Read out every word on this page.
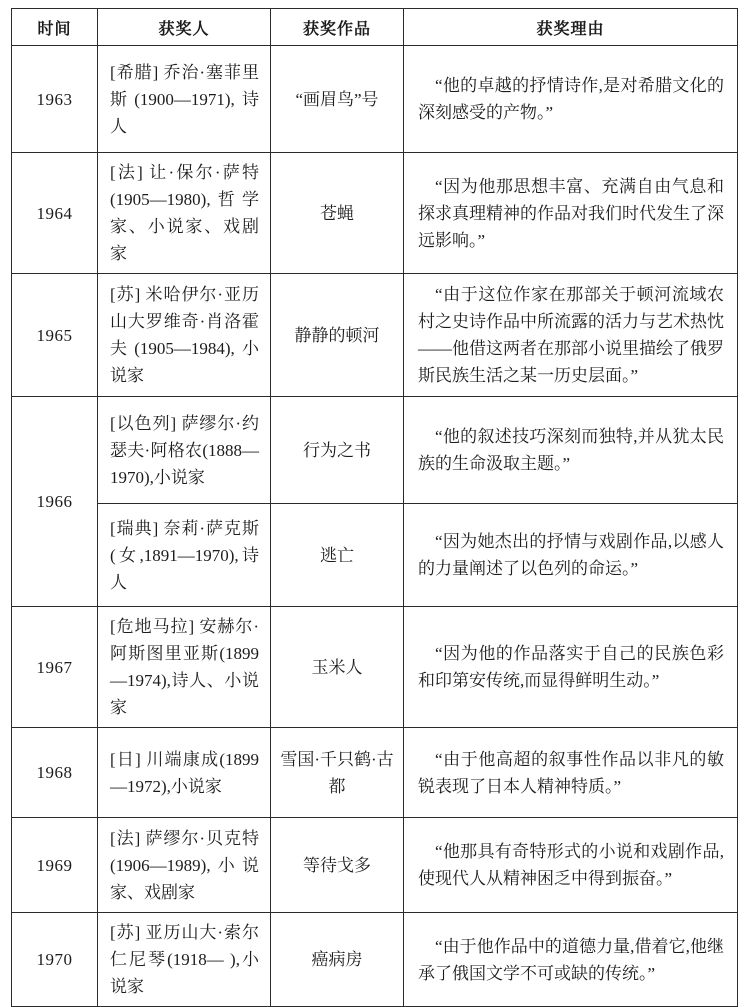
时间	获奖人	获奖作品	获奖理由
1963	[希腊] 乔治·塞菲里斯(1900—1971),诗人	“画眉鸟”号	“他的卓越的抒情诗作,是对希腊文化的深刻感受的产物。”
1964	[法] 让·保尔·萨特(1905—1980),哲学家、小说家、戏剧家	苍蝇	“因为他那思想丰富、充满自由气息和探求真理精神的作品对我们时代发生了深远影响。”
1965	[苏] 米哈伊尔·亚历山大罗维奇·肖洛霍夫(1905—1984),小说家	静静的顿河	“由于这位作家在那部关于顿河流域农村之史诗作品中所流露的活力与艺术热忱——他借这两者在那部小说里描绘了俄罗斯民族生活之某一历史层面。”
1966	[以色列] 萨缪尔·约瑟夫·阿格农(1888—1970),小说家	行为之书	“他的叙述技巧深刻而独特,并从犹太民族的生命汲取主题。”
	[瑞典] 奈莉·萨克斯(女,1891—1970),诗人	逃亡	“因为她杰出的抒情与戏剧作品,以感人的力量阐述了以色列的命运。”
1967	[危地马拉] 安赫尔·阿斯图里亚斯(1899—1974),诗人、小说家	玉米人	“因为他的作品落实于自己的民族色彩和印第安传统,而显得鲜明生动。”
1968	[日] 川端康成(1899—1972),小说家	雪国·千只鹤·古都	“由于他高超的叙事性作品以非凡的敏锐表现了日本人精神特质。”
1969	[法] 萨缪尔·贝克特(1906—1989),小说家、戏剧家	等待戈多	“他那具有奇特形式的小说和戏剧作品,使现代人从精神困乏中得到振奋。”
1970	[苏] 亚历山大·索尔仁尼琴(1918— ),小说家	癌病房	“由于他作品中的道德力量,借着它,他继承了俄国文学不可或缺的传统。”
